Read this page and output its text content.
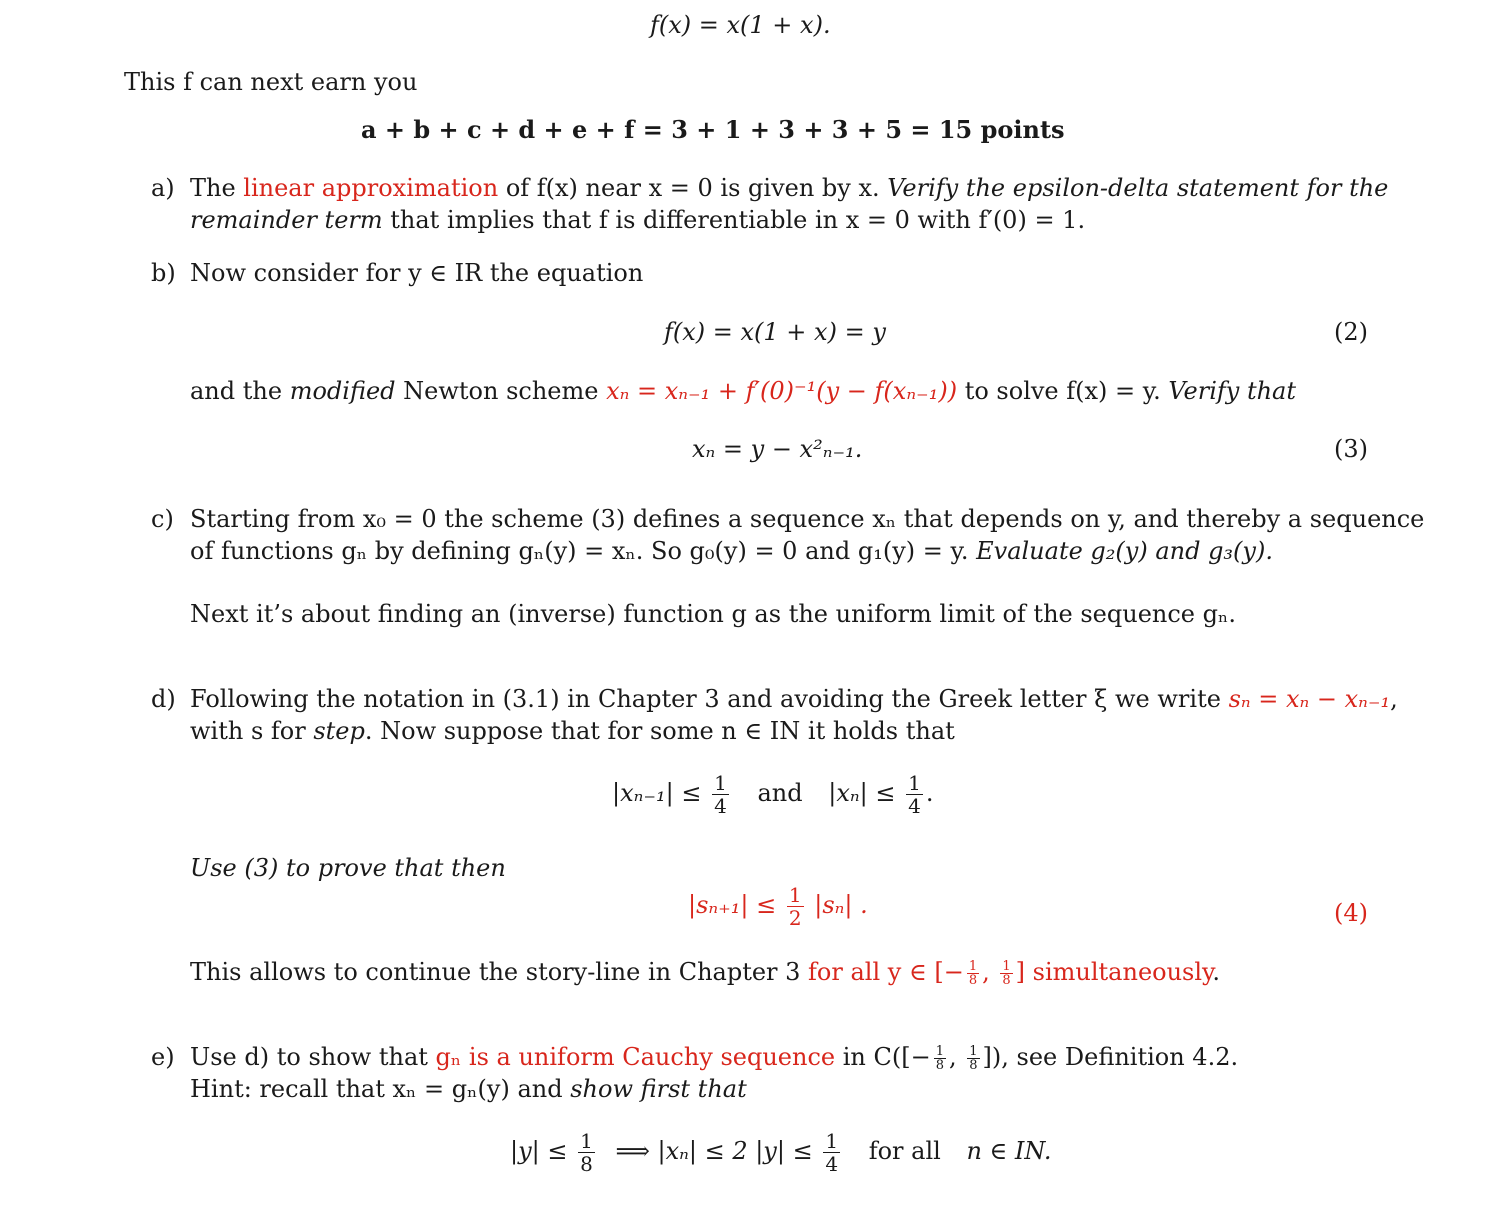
f(x) = x(1 + x).
This f can next earn you
a + b + c + d + e + f = 3 + 1 + 3 + 3 + 5 = 15 points
a) The linear approximation of f(x) near x = 0 is given by x. Verify the epsilon-delta statement for the
remainder term that implies that f is differentiable in x = 0 with f′(0) = 1.
b) Now consider for y ∈ IR the equation
f(x) = x(1 + x) = y	(2)
and the modified Newton scheme xₙ = xₙ₋₁ + f′(0)⁻¹(y − f(xₙ₋₁)) to solve f(x) = y. Verify that
xₙ = y − x²ₙ₋₁.	(3)
c) Starting from x₀ = 0 the scheme (3) defines a sequence xₙ that depends on y, and thereby a sequence
of functions gₙ by defining gₙ(y) = xₙ. So g₀(y) = 0 and g₁(y) = y. Evaluate g₂(y) and g₃(y).
Next it’s about finding an (inverse) function g as the uniform limit of the sequence gₙ.
d) Following the notation in (3.1) in Chapter 3 and avoiding the Greek letter ξ we write sₙ = xₙ − xₙ₋₁,
with s for step. Now suppose that for some n ∈ IN it holds that
$|x_{n-1}| \le \frac{1}{4}$ and $|x_n| \le \frac{1}{4}$ .
Use (3) to prove that then
$|s_{n+1}| \le \frac{1}{2} |s_n|$ .	(4)
This allows to continue the story-line in Chapter 3 for all y ∈ [− $\frac{1}{8}$ , $\frac{1}{8}$ ] simultaneously.
e) Use d) to show that gₙ is a uniform Cauchy sequence in $C([- \frac{1}{8}$ , $\frac{1}{8}$ ]), see Definition 4.2.
Hint: recall that xₙ = gₙ(y) and show first that
$|y| \le \frac{1}{8}$ ⟹ |xₙ| ≤ 2 $|y| \le \frac{1}{4}$ for all n ∈ IN.
